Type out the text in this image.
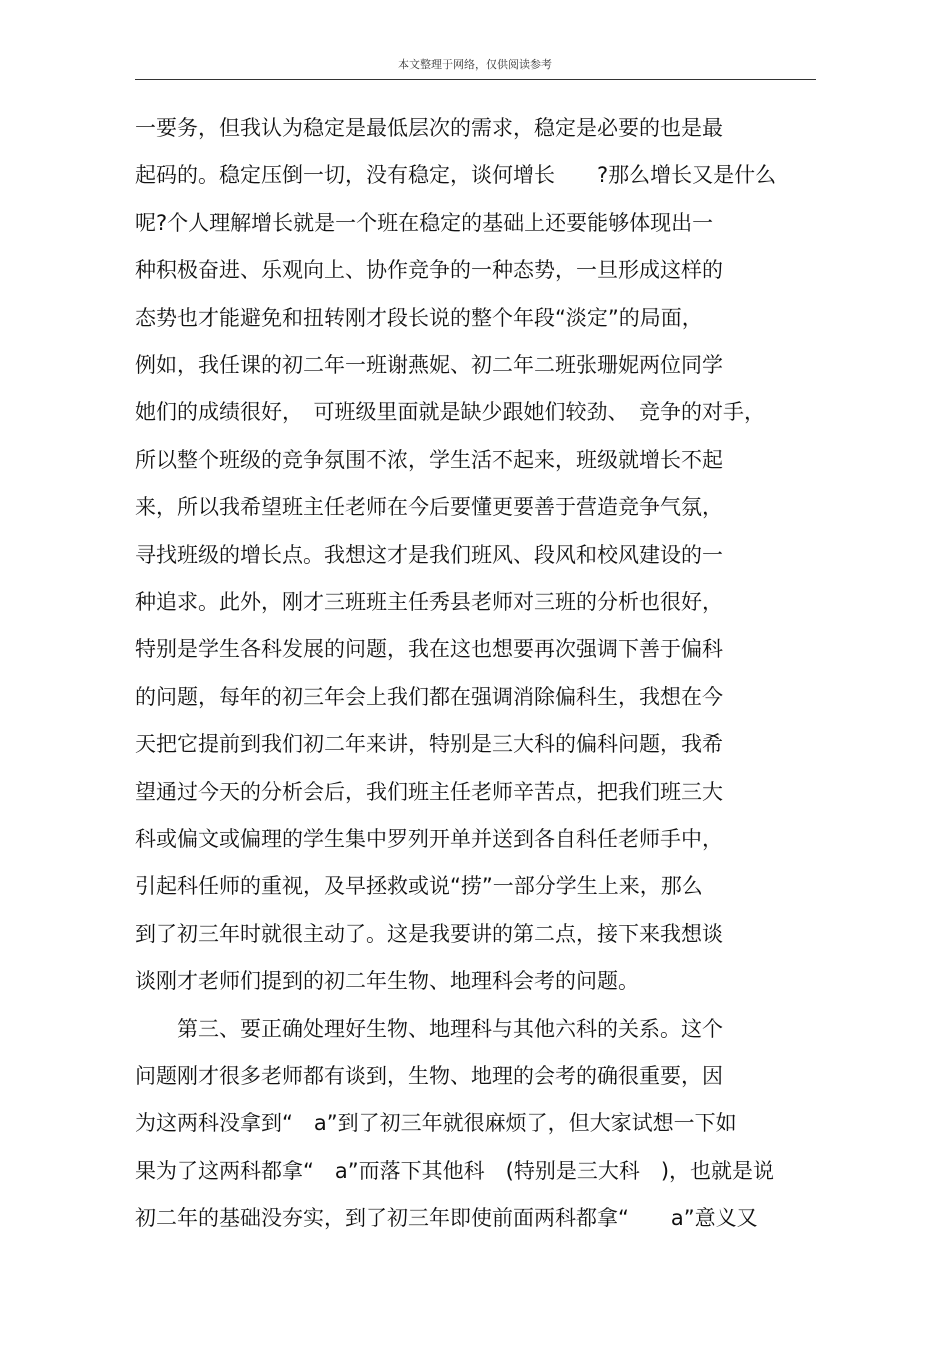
本文整理于网络，仅供阅读参考
一要务，但我认为稳定是最低层次的需求，稳定是必要的也是最
起码的。稳定压倒一切，没有稳定，谈何增长　　?那么增长又是什么
呢?个人理解增长就是一个班在稳定的基础上还要能够体现出一
种积极奋进、乐观向上、协作竞争的一种态势，一旦形成这样的
态势也才能避免和扭转刚才段长说的整个年段“淡定”的局面，
例如，我任课的初二年一班谢燕妮、初二年二班张珊妮两位同学
她们的成绩很好，　可班级里面就是缺少跟她们较劲、　竞争的对手，
所以整个班级的竞争氛围不浓，学生活不起来，班级就增长不起
来，所以我希望班主任老师在今后要懂更要善于营造竞争气氛，
寻找班级的增长点。我想这才是我们班风、段风和校风建设的一
种追求。此外，刚才三班班主任秀县老师对三班的分析也很好，
特别是学生各科发展的问题，我在这也想要再次强调下善于偏科
的问题，每年的初三年会上我们都在强调消除偏科生，我想在今
天把它提前到我们初二年来讲，特别是三大科的偏科问题，我希
望通过今天的分析会后，我们班主任老师辛苦点，把我们班三大
科或偏文或偏理的学生集中罗列开单并送到各自科任老师手中，
引起科任师的重视，及早拯救或说“捞”一部分学生上来，那么
到了初三年时就很主动了。这是我要讲的第二点，接下来我想谈
谈刚才老师们提到的初二年生物、地理科会考的问题。
　　第三、要正确处理好生物、地理科与其他六科的关系。这个
问题刚才很多老师都有谈到，生物、地理的会考的确很重要，因
为这两科没拿到“　a”到了初三年就很麻烦了，但大家试想一下如
果为了这两科都拿“　a”而落下其他科　(特别是三大科　)，也就是说
初二年的基础没夯实，到了初三年即使前面两科都拿“　　a”意义又
